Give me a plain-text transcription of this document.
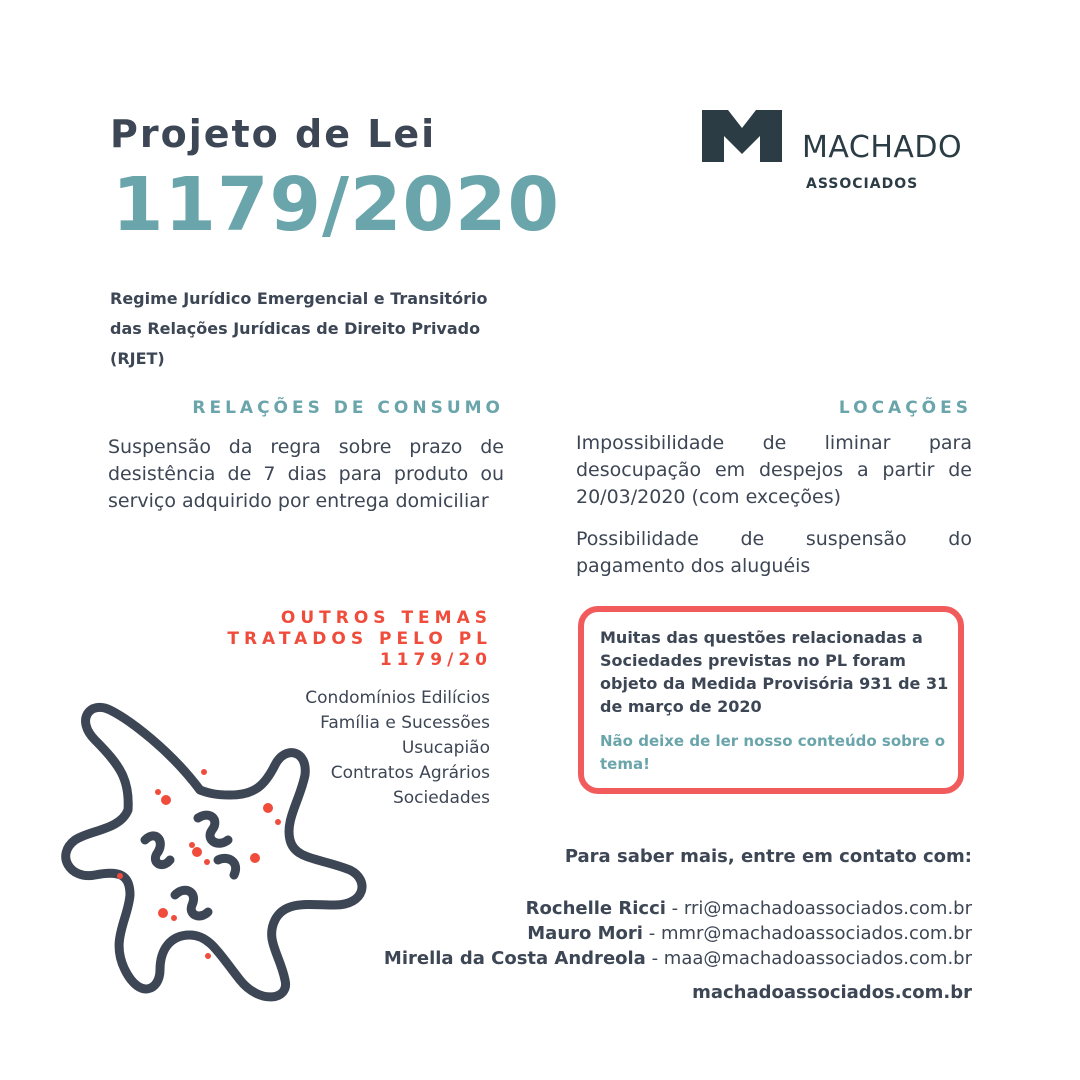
Projeto de Lei
1179/2020
MACHADO
ASSOCIADOS
Regime Jurídico Emergencial e Transitório
das Relações Jurídicas de Direito Privado
(RJET)
RELAÇÕES DE CONSUMO
Suspensão da regra sobre prazo de desistência de 7 dias para produto ou serviço adquirido por entrega domiciliar
LOCAÇÕES
Impossibilidade de liminar para desocupação em despejos a partir de 20/03/2020 (com exceções)
Possibilidade de suspensão do pagamento dos aluguéis
OUTROS TEMAS
TRATADOS PELO PL
1179/20
Condomínios Edilícios
Família e Sucessões
Usucapião
Contratos Agrários
Sociedades
Muitas das questões relacionadas a Sociedades previstas no PL foram objeto da Medida Provisória 931 de 31 de março de 2020
Não deixe de ler nosso conteúdo sobre o tema!
Para saber mais, entre em contato com:
Rochelle Ricci - rri@machadoassociados.com.br
Mauro Mori - mmr@machadoassociados.com.br
Mirella da Costa Andreola - maa@machadoassociados.com.br
machadoassociados.com.br
